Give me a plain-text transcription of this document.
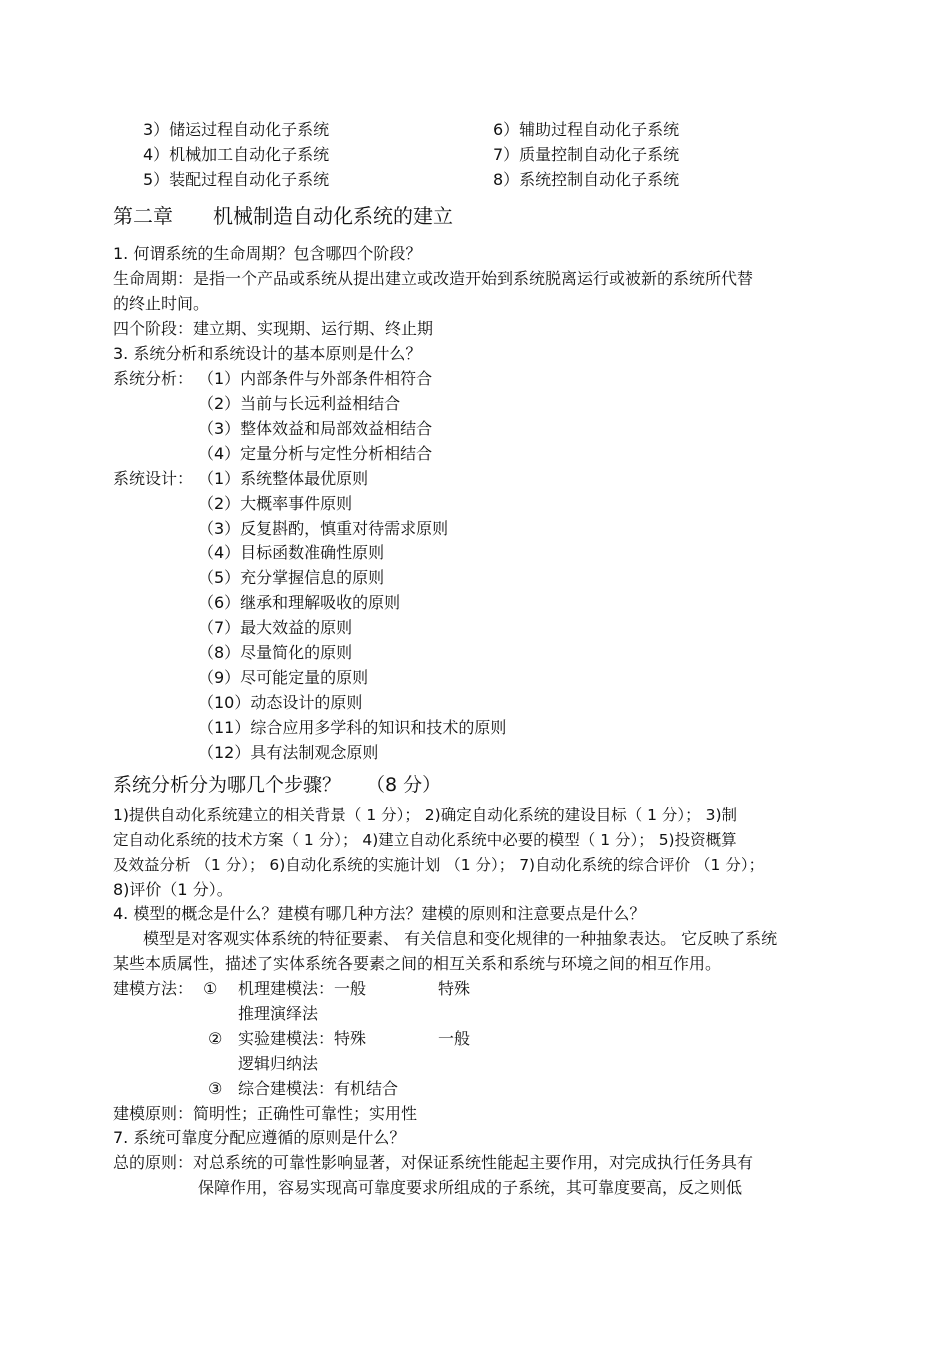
3）储运过程自动化子系统
4）机械加工自动化子系统
5）装配过程自动化子系统
6）辅助过程自动化子系统
7）质量控制自动化子系统
8）系统控制自动化子系统
第二章 机械制造自动化系统的建立
1. 何谓系统的生命周期？包含哪四个阶段？
生命周期：是指一个产品或系统从提出建立或改造开始到系统脱离运行或被新的系统所代替
的终止时间。
四个阶段：建立期、实现期、运行期、终止期
3. 系统分析和系统设计的基本原则是什么？
系统分析： （1）内部条件与外部条件相符合
（2）当前与长远利益相结合
（3）整体效益和局部效益相结合
（4）定量分析与定性分析相结合
系统设计： （1）系统整体最优原则
（2）大概率事件原则
（3）反复斟酌，慎重对待需求原则
（4）目标函数准确性原则
（5）充分掌握信息的原则
（6）继承和理解吸收的原则
（7）最大效益的原则
（8）尽量简化的原则
（9）尽可能定量的原则
（10）动态设计的原则
（11）综合应用多学科的知识和技术的原则
（12）具有法制观念原则
系统分析分为哪几个步骤？ （8 分）
1)提供自动化系统建立的相关背景（ 1 分）； 2)确定自动化系统的建设目标（ 1 分）； 3)制
定自动化系统的技术方案（ 1 分）； 4)建立自动化系统中必要的模型（ 1 分）； 5)投资概算
及效益分析 （1 分）； 6)自动化系统的实施计划 （1 分）； 7)自动化系统的综合评价 （1 分）；
8)评价（1 分）。
4. 模型的概念是什么？建模有哪几种方法？建模的原则和注意要点是什么？
模型是对客观实体系统的特征要素、 有关信息和变化规律的一种抽象表达。 它反映了系统
某些本质属性，描述了实体系统各要素之间的相互关系和系统与环境之间的相互作用。
建模方法： ① 机理建模法：一般	特殊
推理演绎法
② 实验建模法：特殊	一般
逻辑归纳法
③ 综合建模法：有机结合
建模原则：简明性；正确性可靠性；实用性
7. 系统可靠度分配应遵循的原则是什么？
总的原则：对总系统的可靠性影响显著，对保证系统性能起主要作用，对完成执行任务具有
保障作用，容易实现高可靠度要求所组成的子系统，其可靠度要高，反之则低
